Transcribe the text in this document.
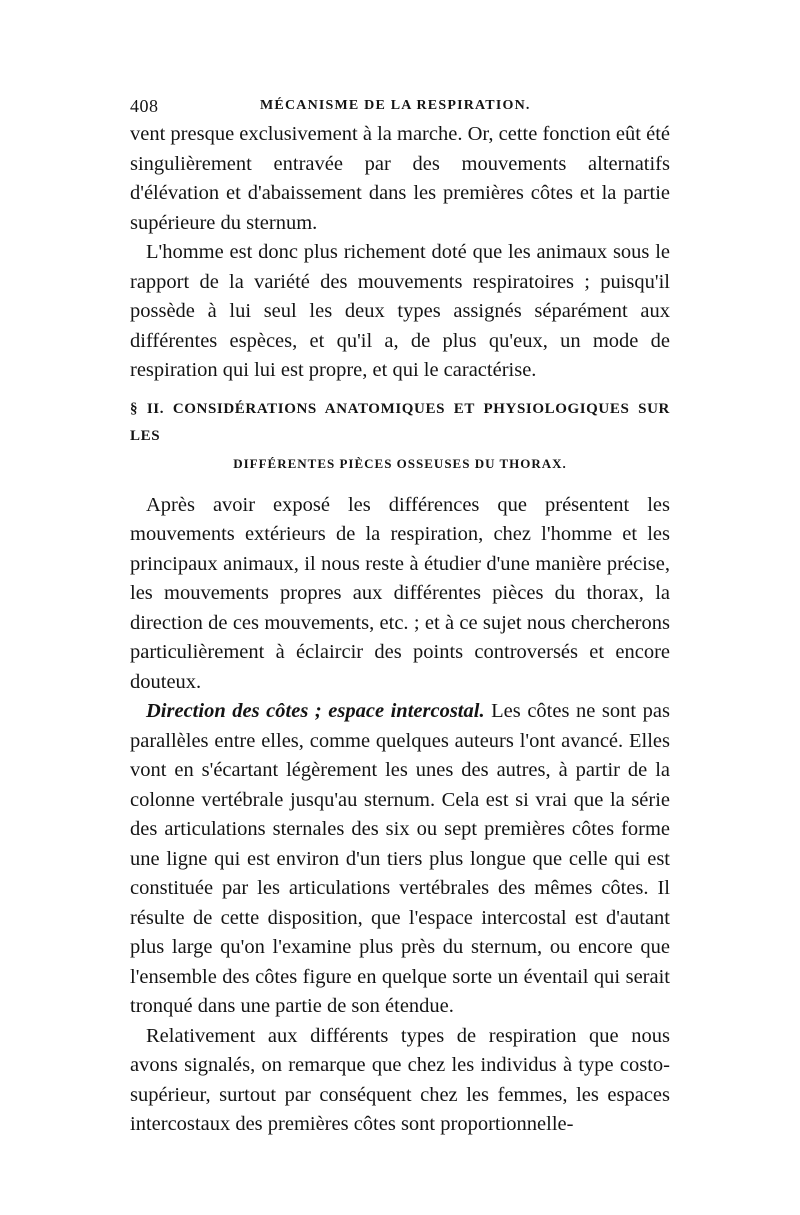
408	MÉCANISME DE LA RESPIRATION.

vent presque exclusivement à la marche. Or, cette fonction eût été singulièrement entravée par des mouvements alternatifs d'élévation et d'abaissement dans les premières côtes et la partie supérieure du sternum.

L'homme est donc plus richement doté que les animaux sous le rapport de la variété des mouvements respiratoires ; puisqu'il possède à lui seul les deux types assignés séparément aux différentes espèces, et qu'il a, de plus qu'eux, un mode de respiration qui lui est propre, et qui le caractérise.

§ II. CONSIDÉRATIONS ANATOMIQUES ET PHYSIOLOGIQUES SUR LES
DIFFÉRENTES PIÈCES OSSEUSES DU THORAX.

Après avoir exposé les différences que présentent les mouvements extérieurs de la respiration, chez l'homme et les principaux animaux, il nous reste à étudier d'une manière précise, les mouvements propres aux différentes pièces du thorax, la direction de ces mouvements, etc. ; et à ce sujet nous chercherons particulièrement à éclaircir des points controversés et encore douteux.

Direction des côtes ; espace intercostal. Les côtes ne sont pas parallèles entre elles, comme quelques auteurs l'ont avancé. Elles vont en s'écartant légèrement les unes des autres, à partir de la colonne vertébrale jusqu'au sternum. Cela est si vrai que la série des articulations sternales des six ou sept premières côtes forme une ligne qui est environ d'un tiers plus longue que celle qui est constituée par les articulations vertébrales des mêmes côtes. Il résulte de cette disposition, que l'espace intercostal est d'autant plus large qu'on l'examine plus près du sternum, ou encore que l'ensemble des côtes figure en quelque sorte un éventail qui serait tronqué dans une partie de son étendue.

Relativement aux différents types de respiration que nous avons signalés, on remarque que chez les individus à type costo-supérieur, surtout par conséquent chez les femmes, les espaces intercostaux des premières côtes sont proportionnelle-
